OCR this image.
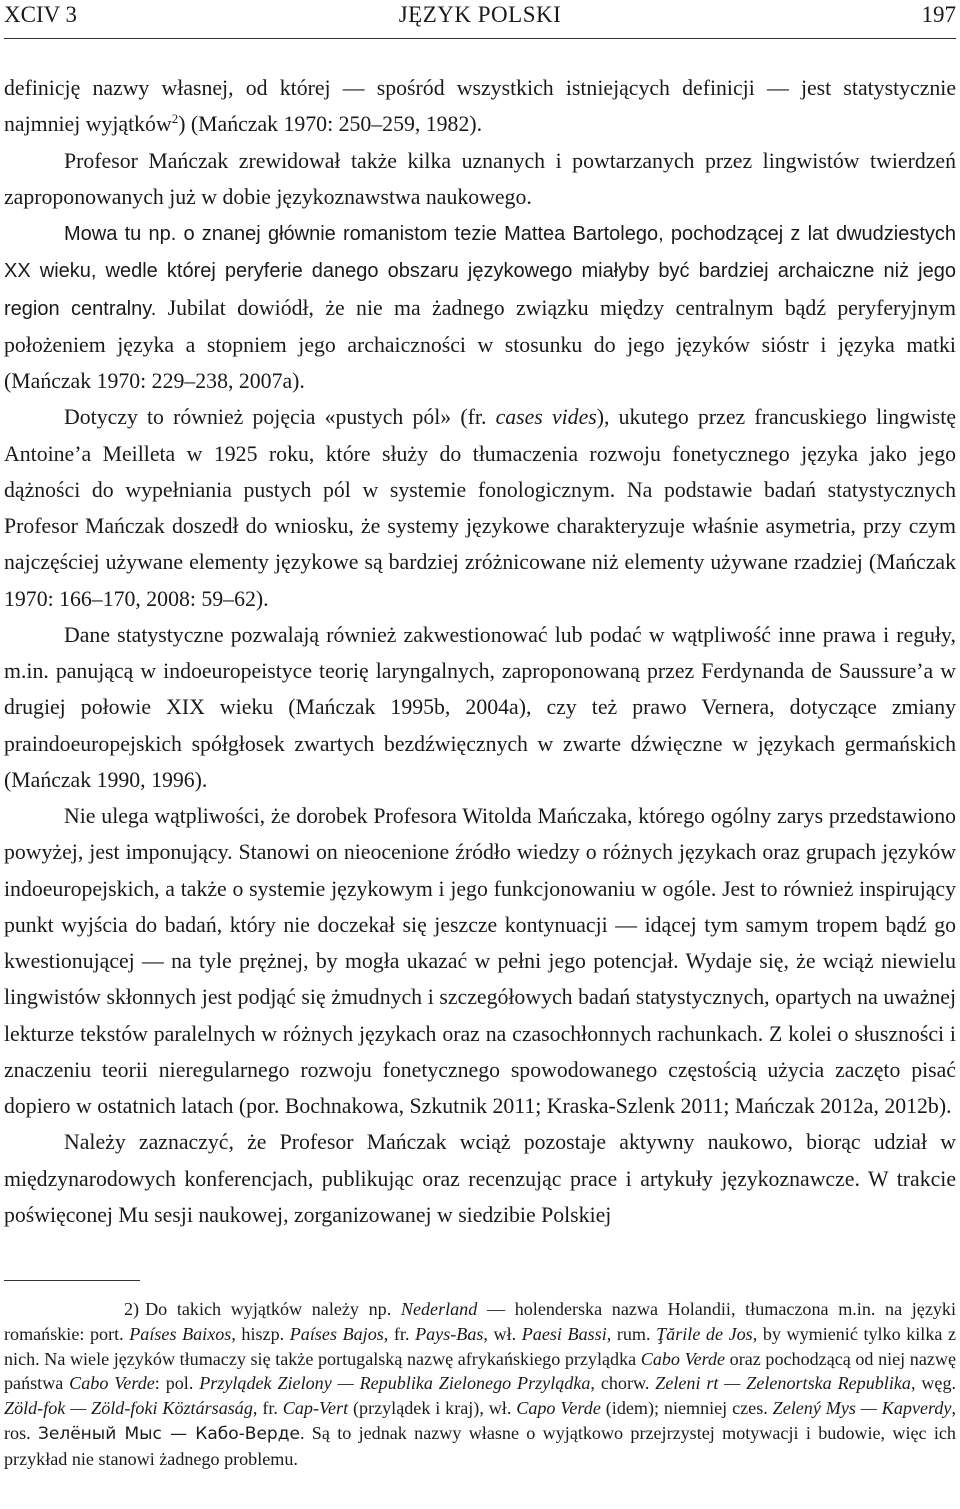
XCIV 3	JĘZYK POLSKI	197

definicję nazwy własnej, od której — spośród wszystkich istniejących definicji — jest statystycznie najmniej wyjątków$^2$) (Mańczak 1970: 250–259, 1982).

Profesor Mańczak zrewidował także kilka uznanych i powtarzanych przez lingwistów twierdzeń zaproponowanych już w dobie językoznawstwa naukowego.

Mowa tu np. o znanej głównie romanistom tezie Mattea Bartolego, pochodzącej z lat dwudziestych XX wieku, wedle której peryferie danego obszaru językowego miałyby być bardziej archaiczne niż jego region centralny. Jubilat dowiódł, że nie ma żadnego związku między centralnym bądź peryferyjnym położeniem języka a stopniem jego archaiczności w stosunku do jego języków sióstr i języka matki (Mańczak 1970: 229–238, 2007a).

Dotyczy to również pojęcia «pustych pól» (fr. cases vides), ukutego przez francuskiego lingwistę Antoine’a Meilleta w 1925 roku, które służy do tłumaczenia rozwoju fonetycznego języka jako jego dążności do wypełniania pustych pól w systemie fonologicznym. Na podstawie badań statystycznych Profesor Mańczak doszedł do wniosku, że systemy językowe charakteryzuje właśnie asymetria, przy czym najczęściej używane elementy językowe są bardziej zróżnicowane niż elementy używane rzadziej (Mańczak 1970: 166–170, 2008: 59–62).

Dane statystyczne pozwalają również zakwestionować lub podać w wątpliwość inne prawa i reguły, m.in. panującą w indoeuropeistyce teorię laryngalnych, zaproponowaną przez Ferdynanda de Saussure’a w drugiej połowie XIX wieku (Mańczak 1995b, 2004a), czy też prawo Vernera, dotyczące zmiany praindoeuropejskich spółgłosek zwartych bezdźwięcznych w zwarte dźwięczne w językach germańskich (Mańczak 1990, 1996).

Nie ulega wątpliwości, że dorobek Profesora Witolda Mańczaka, którego ogólny zarys przedstawiono powyżej, jest imponujący. Stanowi on nieocenione źródło wiedzy o różnych językach oraz grupach języków indoeuropejskich, a także o systemie językowym i jego funkcjonowaniu w ogóle. Jest to również inspirujący punkt wyjścia do badań, który nie doczekał się jeszcze kontynuacji — idącej tym samym tropem bądź go kwestionującej — na tyle prężnej, by mogła ukazać w pełni jego potencjał. Wydaje się, że wciąż niewielu lingwistów skłonnych jest podjąć się żmudnych i szczegółowych badań statystycznych, opartych na uważnej lekturze tekstów paralelnych w różnych językach oraz na czasochłonnych rachunkach. Z kolei o słuszności i znaczeniu teorii nieregularnego rozwoju fonetycznego spowodowanego częstością użycia zaczęto pisać dopiero w ostatnich latach (por. Bochnakowa, Szkutnik 2011; Kraska-Szlenk 2011; Mańczak 2012a, 2012b).

Należy zaznaczyć, że Profesor Mańczak wciąż pozostaje aktywny naukowo, biorąc udział w międzynarodowych konferencjach, publikując oraz recenzując prace i artykuły językoznawcze. W trakcie poświęconej Mu sesji naukowej, zorganizowanej w siedzibie Polskiej

2) Do takich wyjątków należy np. Nederland — holenderska nazwa Holandii, tłumaczona m.in. na języki romańskie: port. Países Baixos, hiszp. Países Bajos, fr. Pays-Bas, wł. Paesi Bassi, rum. Ţările de Jos, by wymienić tylko kilka z nich. Na wiele języków tłumaczy się także portugalską nazwę afrykańskiego przylądka Cabo Verde oraz pochodzącą od niej nazwę państwa Cabo Verde: pol. Przylądek Zielony — Republika Zielonego Przylądka, chorw. Zeleni rt — Zelenortska Republika, węg. Zöld-fok — Zöld-foki Köztársaság, fr. Cap-Vert (przylądek i kraj), wł. Capo Verde (idem); niemniej czes. Zelený Mys — Kapverdy, ros. Зелёный Мыс — Кабо-Верде. Są to jednak nazwy własne o wyjątkowo przejrzystej motywacji i budowie, więc ich przykład nie stanowi żadnego problemu.
